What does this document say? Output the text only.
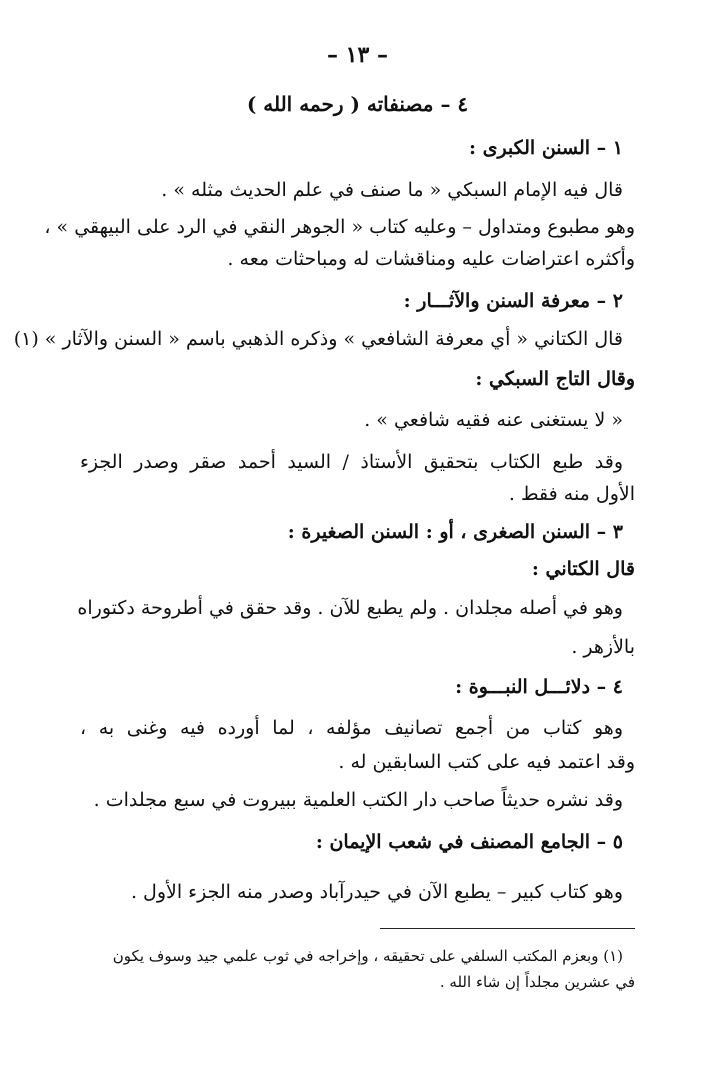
– ١٣ –
٤ – مصنفاته ( رحمه الله )
١ – السنن الكبرى :
قال فيه الإمام السبكي « ما صنف في علم الحديث مثله » .
وهو مطبوع ومتداول – وعليه كتاب « الجوهر النقي في الرد على البيهقي » ،
وأكثره اعتراضات عليه ومناقشات له ومباحثات معه .
٢ – معرفة السنن والآثـــار :
قال الكتاني « أي معرفة الشافعي » وذكره الذهبي باسم « السنن والآثار » (١)
وقال التاج السبكي :
« لا يستغنى عنه فقيه شافعي » .
وقد طبع الكتاب بتحقيق الأستاذ / السيد أحمد صقر وصدر الجزء
الأول منه فقط .
٣ – السنن الصغرى ، أو : السنن الصغيرة :
قال الكتاني :
وهو في أصله مجلدان . ولم يطبع للآن . وقد حقق في أطروحة دكتوراه
بالأزهر .
٤ – دلائـــل النبـــوة :
وهو كتاب من أجمع تصانيف مؤلفه ، لما أورده فيه وغنى به ،
وقد اعتمد فيه على كتب السابقين له .
وقد نشره حديثاً صاحب دار الكتب العلمية ببيروت في سبع مجلدات .
٥ – الجامع المصنف في شعب الإيمان :
وهو كتاب كبير – يطبع الآن في حيدرآباد وصدر منه الجزء الأول .
(١) وبعزم المكتب السلفي على تحقيقه ، وإخراجه في ثوب علمي جيد وسوف يكون
في عشرين مجلداً إن شاء الله .
